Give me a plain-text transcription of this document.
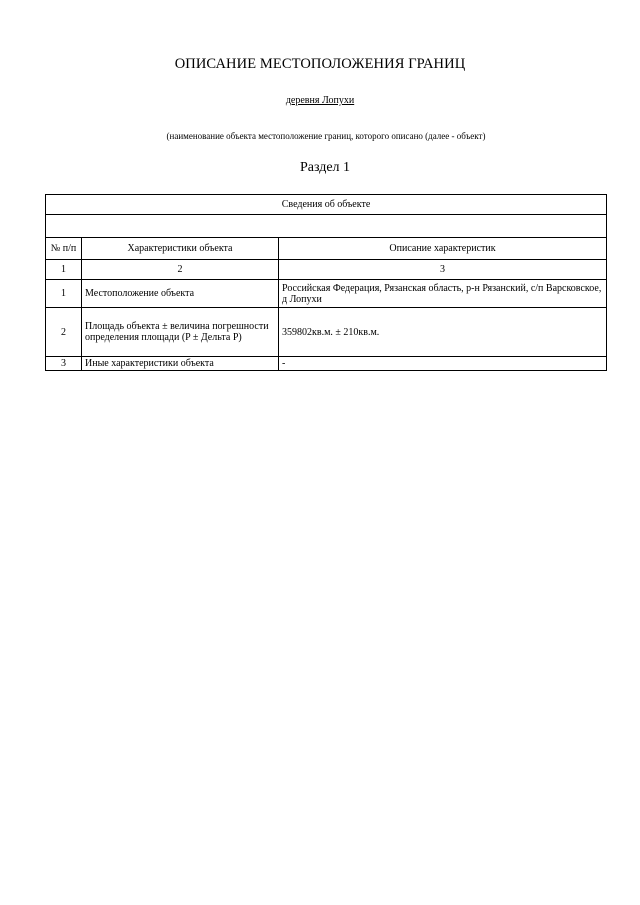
ОПИСАНИЕ МЕСТОПОЛОЖЕНИЯ ГРАНИЦ
деревня Лопухи
(наименование объекта местоположение границ, которого описано (далее - объект)
Раздел 1
Сведения об объекте		

№ п/п	Характеристики объекта	Описание характеристик
1	2	3
1	Местоположение объекта	Российская Федерация, Рязанская область, р-н Рязанский, с/п Варсковское, д Лопухи
2	Площадь объекта ± величина погрешности определения площади (P ± Дельта P)	359802кв.м. ± 210кв.м.
3	Иные характеристики объекта	-
